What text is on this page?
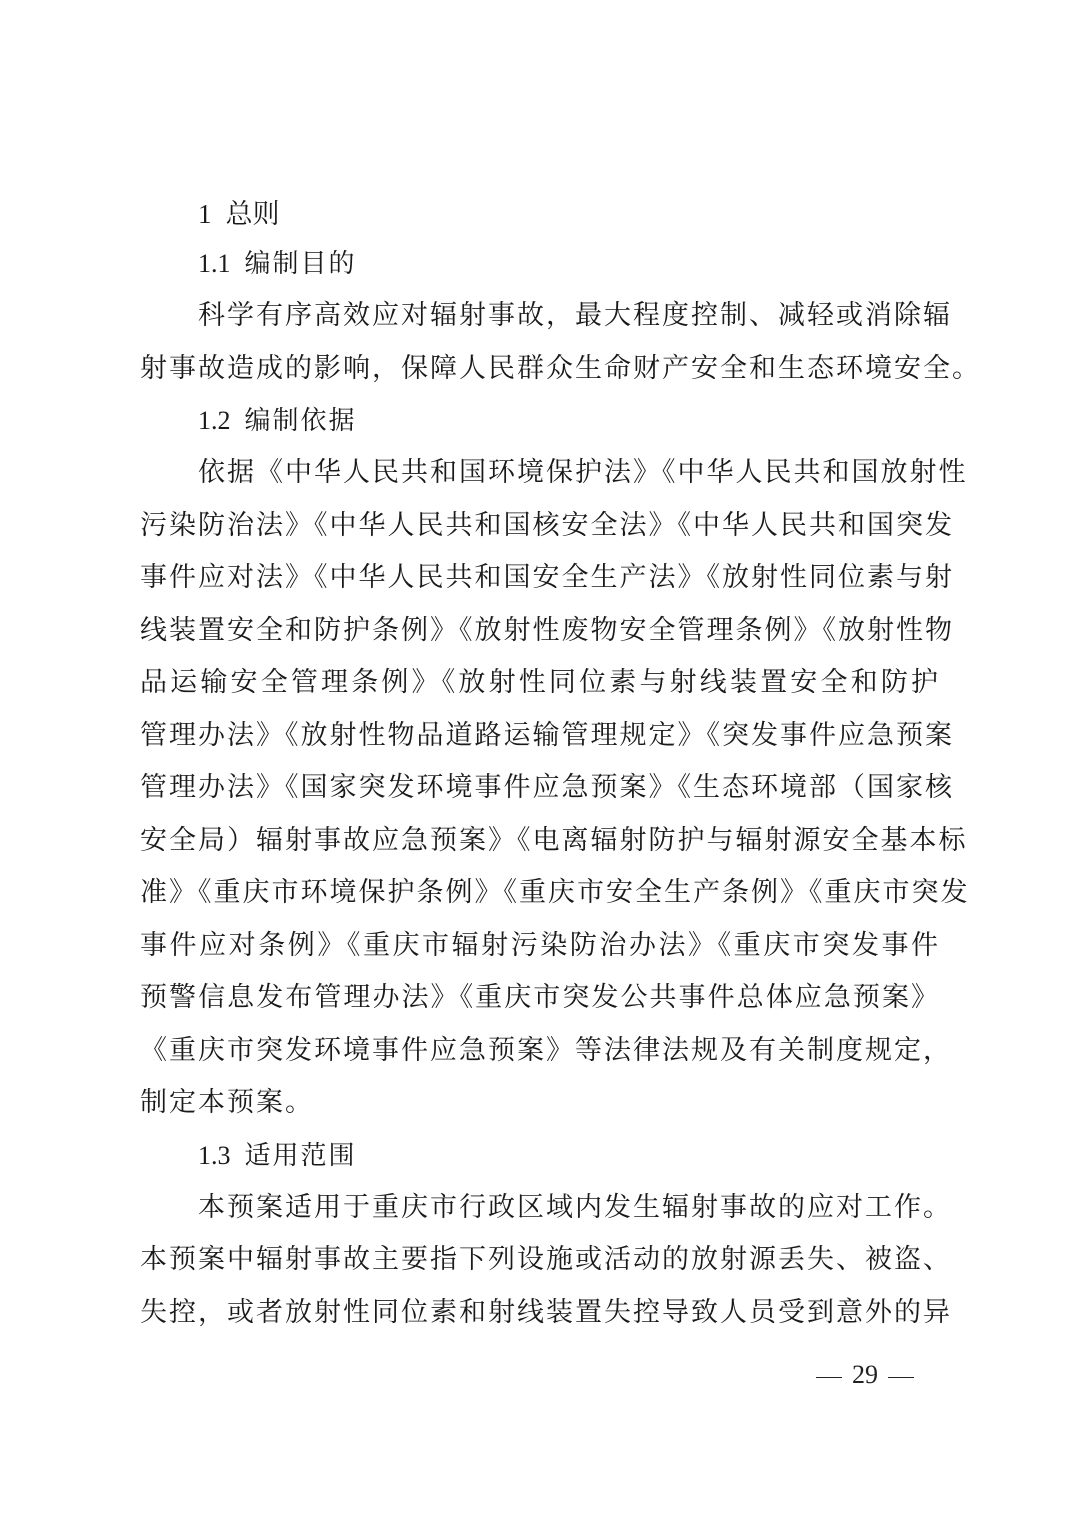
1 总则
1.1 编制目的
科学有序高效应对辐射事故，最大程度控制、减轻或消除辐
射事故造成的影响，保障人民群众生命财产安全和生态环境安全。
1.2 编制依据
依据《中华人民共和国环境保护法》《中华人民共和国放射性
污染防治法》《中华人民共和国核安全法》《中华人民共和国突发
事件应对法》《中华人民共和国安全生产法》《放射性同位素与射
线装置安全和防护条例》《放射性废物安全管理条例》《放射性物
品运输安全管理条例》《放射性同位素与射线装置安全和防护
管理办法》《放射性物品道路运输管理规定》《突发事件应急预案
管理办法》《国家突发环境事件应急预案》《生态环境部（国家核
安全局）辐射事故应急预案》《电离辐射防护与辐射源安全基本标
准》《重庆市环境保护条例》《重庆市安全生产条例》《重庆市突发
事件应对条例》《重庆市辐射污染防治办法》《重庆市突发事件
预警信息发布管理办法》《重庆市突发公共事件总体应急预案》
《重庆市突发环境事件应急预案》等法律法规及有关制度规定，
制定本预案。
1.3 适用范围
本预案适用于重庆市行政区域内发生辐射事故的应对工作。
本预案中辐射事故主要指下列设施或活动的放射源丢失、被盗、
失控，或者放射性同位素和射线装置失控导致人员受到意外的异
29
